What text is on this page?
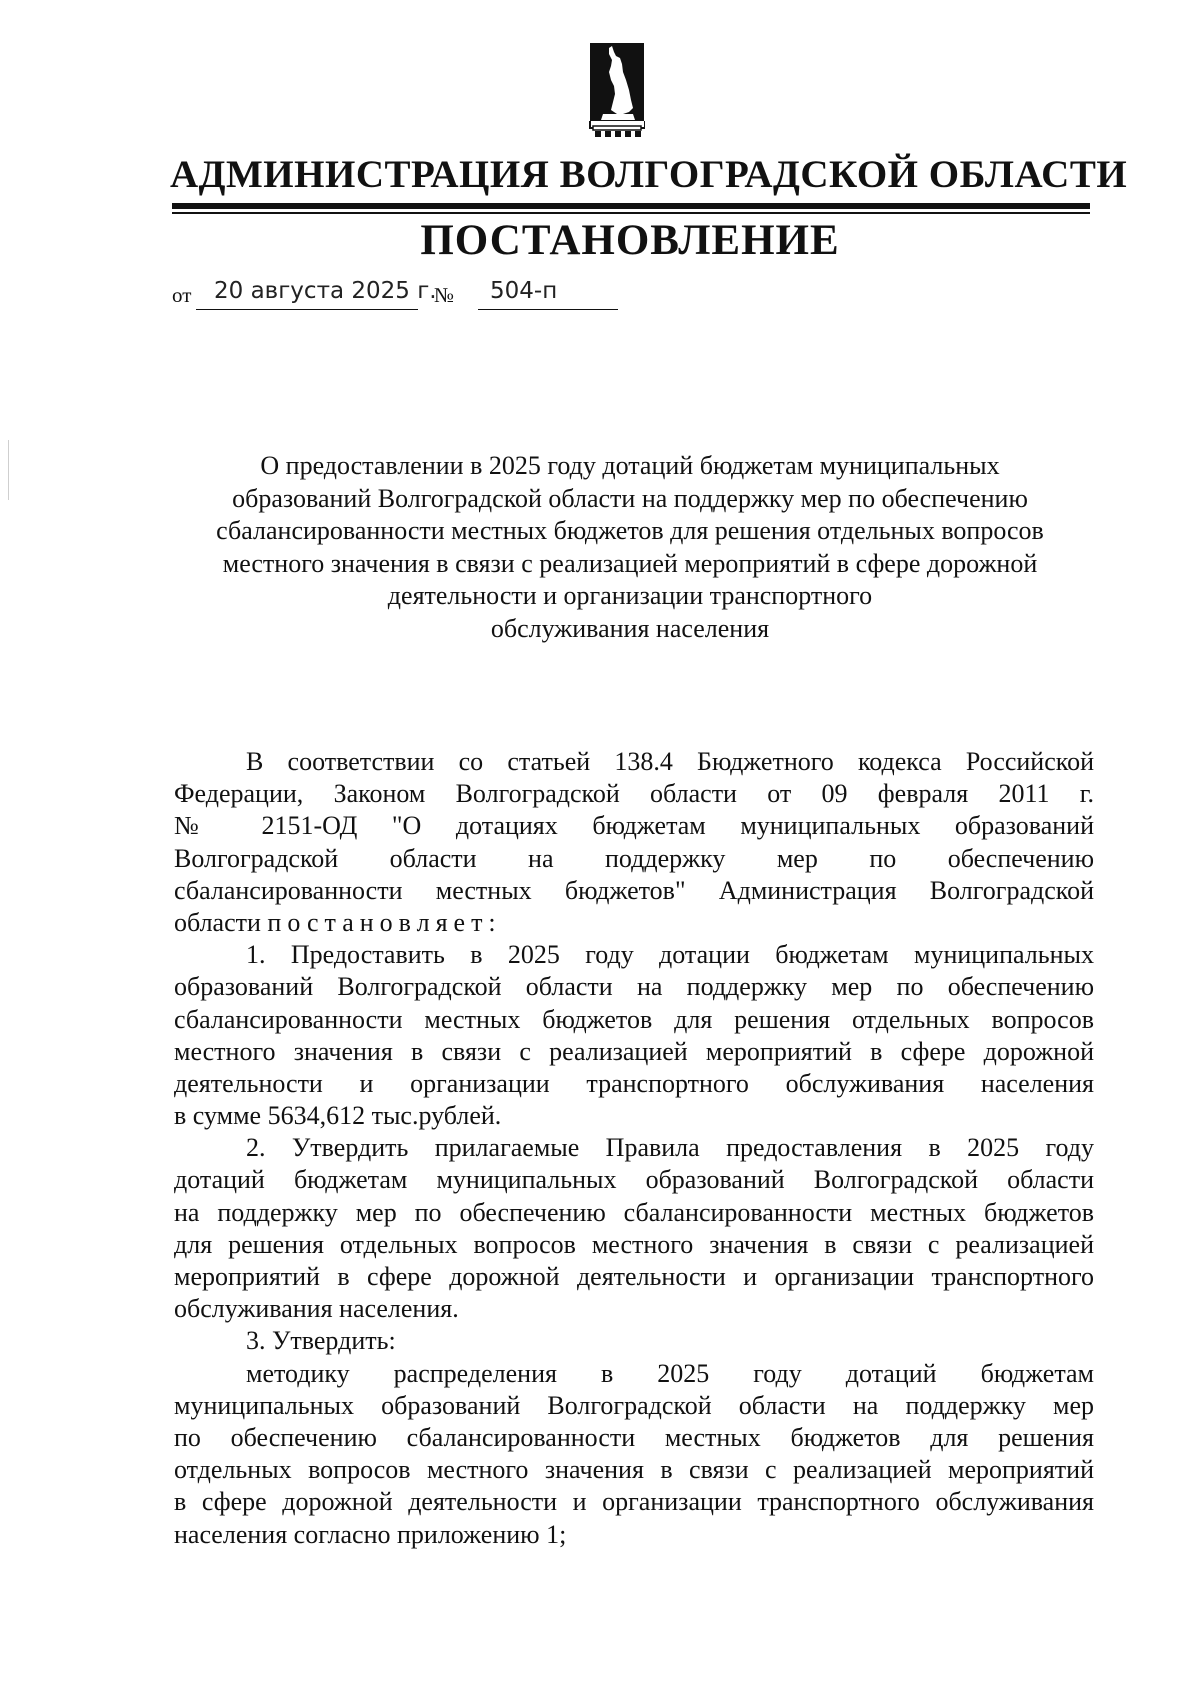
АДМИНИСТРАЦИЯ ВОЛГОГРАДСКОЙ ОБЛАСТИ
ПОСТАНОВЛЕНИЕ
от 20 августа 2025 г.
№ 504-п
О предоставлении в 2025 году дотаций бюджетам муниципальных
образований Волгоградской области на поддержку мер по обеспечению
сбалансированности местных бюджетов для решения отдельных вопросов
местного значения в связи с реализацией мероприятий в сфере дорожной
деятельности и организации транспортного
обслуживания населения
В соответствии со статьей 138.4 Бюджетного кодекса Российской
Федерации, Законом Волгоградской области от 09 февраля 2011 г.
№ 2151-ОД "О дотациях бюджетам муниципальных образований
Волгоградской области на поддержку мер по обеспечению
сбалансированности местных бюджетов" Администрация Волгоградской
области постановляет:
1. Предоставить в 2025 году дотации бюджетам муниципальных
образований Волгоградской области на поддержку мер по обеспечению
сбалансированности местных бюджетов для решения отдельных вопросов
местного значения в связи с реализацией мероприятий в сфере дорожной
деятельности и организации транспортного обслуживания населения
в сумме 5634,612 тыс.рублей.
2. Утвердить прилагаемые Правила предоставления в 2025 году
дотаций бюджетам муниципальных образований Волгоградской области
на поддержку мер по обеспечению сбалансированности местных бюджетов
для решения отдельных вопросов местного значения в связи с реализацией
мероприятий в сфере дорожной деятельности и организации транспортного
обслуживания населения.
3. Утвердить:
методику распределения в 2025 году дотаций бюджетам
муниципальных образований Волгоградской области на поддержку мер
по обеспечению сбалансированности местных бюджетов для решения
отдельных вопросов местного значения в связи с реализацией мероприятий
в сфере дорожной деятельности и организации транспортного обслуживания
населения согласно приложению 1;
